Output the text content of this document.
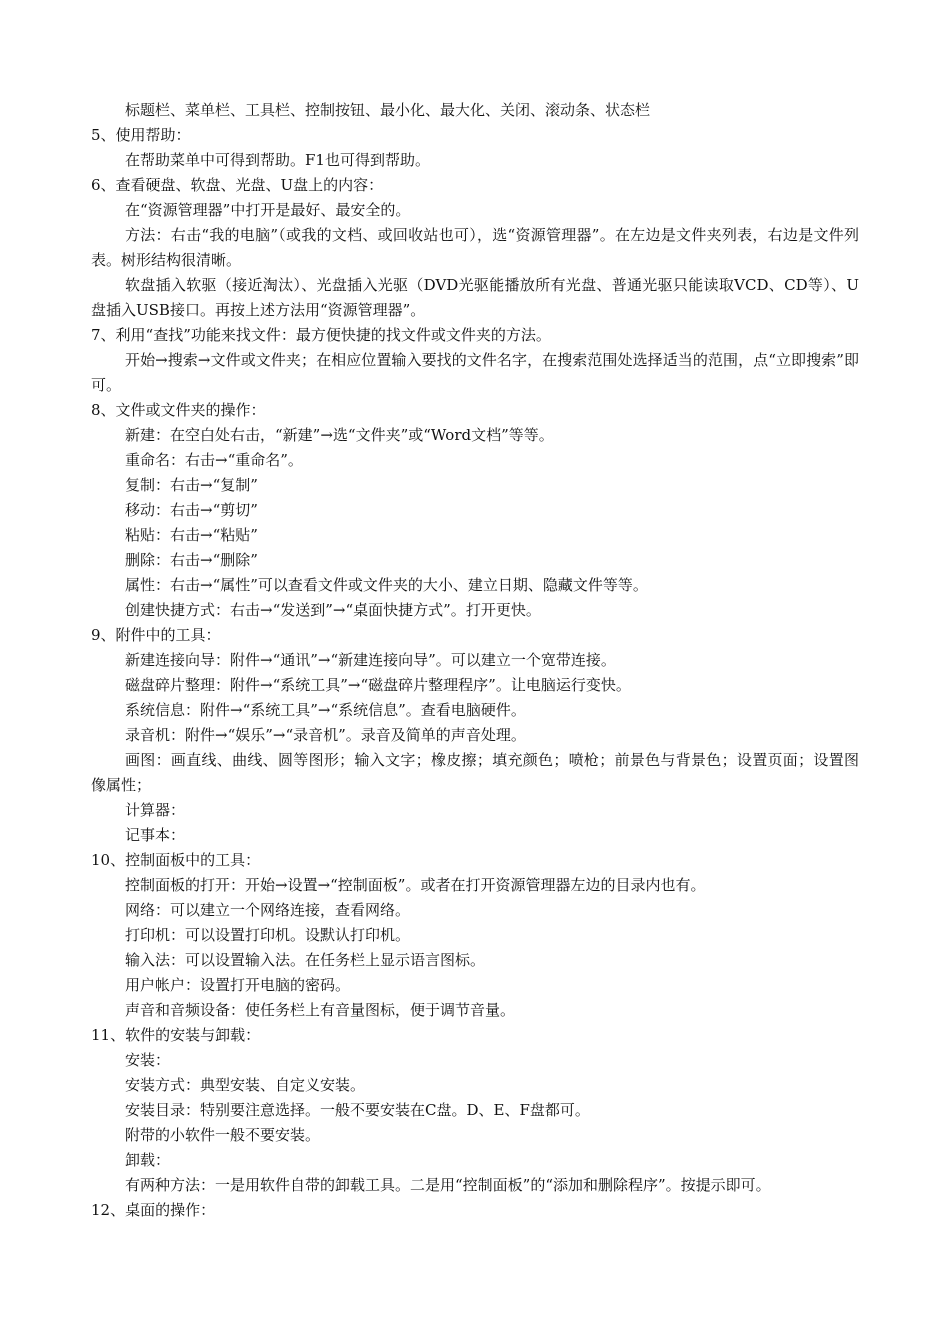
标题栏、菜单栏、工具栏、控制按钮、最小化、最大化、关闭、滚动条、状态栏

5、使用帮助：

在帮助菜单中可得到帮助。F1也可得到帮助。

6、查看硬盘、软盘、光盘、U盘上的内容：

在“资源管理器”中打开是最好、最安全的。

方法：右击“我的电脑”（或我的文档、或回收站也可），选“资源管理器”。在左边是文件夹列表，右边是文件列表。树形结构很清晰。

软盘插入软驱（接近淘汰）、光盘插入光驱（DVD光驱能播放所有光盘、普通光驱只能读取VCD、CD等）、U盘插入USB接口。再按上述方法用“资源管理器”。

7、利用“查找”功能来找文件：最方便快捷的找文件或文件夹的方法。

开始→搜索→文件或文件夹；在相应位置输入要找的文件名字，在搜索范围处选择适当的范围，点“立即搜索”即可。

8、文件或文件夹的操作：

新建：在空白处右击，“新建”→选“文件夹”或“Word文档”等等。

重命名：右击→“重命名”。

复制：右击→“复制”

移动：右击→“剪切”

粘贴：右击→“粘贴”

删除：右击→“删除”

属性：右击→“属性”可以查看文件或文件夹的大小、建立日期、隐藏文件等等。

创建快捷方式：右击→“发送到”→“桌面快捷方式”。打开更快。

9、附件中的工具：

新建连接向导：附件→“通讯”→“新建连接向导”。可以建立一个宽带连接。

磁盘碎片整理：附件→“系统工具”→“磁盘碎片整理程序”。让电脑运行变快。

系统信息：附件→“系统工具”→“系统信息”。查看电脑硬件。

录音机：附件→“娱乐”→“录音机”。录音及简单的声音处理。

画图：画直线、曲线、圆等图形；输入文字；橡皮擦；填充颜色；喷枪；前景色与背景色；设置页面；设置图像属性；

计算器：

记事本：

10、控制面板中的工具：

控制面板的打开：开始→设置→“控制面板”。或者在打开资源管理器左边的目录内也有。

网络：可以建立一个网络连接，查看网络。

打印机：可以设置打印机。设默认打印机。

输入法：可以设置输入法。在任务栏上显示语言图标。

用户帐户：设置打开电脑的密码。

声音和音频设备：使任务栏上有音量图标，便于调节音量。

11、软件的安装与卸载：

安装：

安装方式：典型安装、自定义安装。

安装目录：特别要注意选择。一般不要安装在C盘。D、E、F盘都可。

附带的小软件一般不要安装。

卸载：

有两种方法：一是用软件自带的卸载工具。二是用“控制面板”的“添加和删除程序”。按提示即可。

12、桌面的操作：
